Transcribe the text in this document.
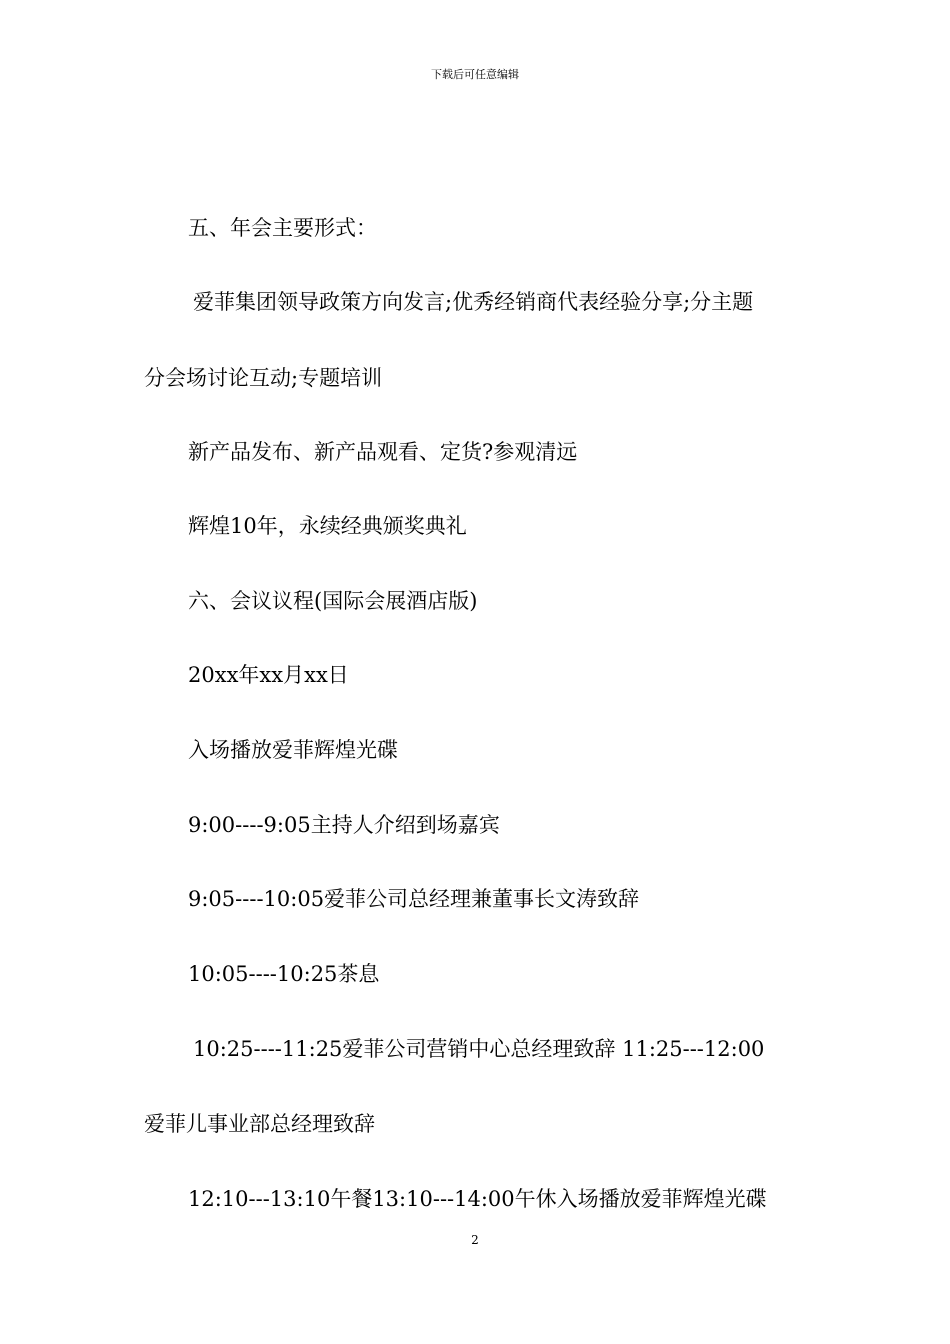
下载后可任意编辑
五、年会主要形式：
爱菲集团领导政策方向发言;优秀经销商代表经验分享;分主题
分会场讨论互动;专题培训
新产品发布、新产品观看、定货?参观清远
辉煌10年，永续经典颁奖典礼
六、会议议程(国际会展酒店版)
20xx年xx月xx日
入场播放爱菲辉煌光碟
9:00----9:05主持人介绍到场嘉宾
9:05----10:05爱菲公司总经理兼董事长文涛致辞
10:05----10:25茶息
10:25----11:25爱菲公司营销中心总经理致辞 11:25---12:00
爱菲儿事业部总经理致辞
12:10---13:10午餐13:10---14:00午休入场播放爱菲辉煌光碟
2
